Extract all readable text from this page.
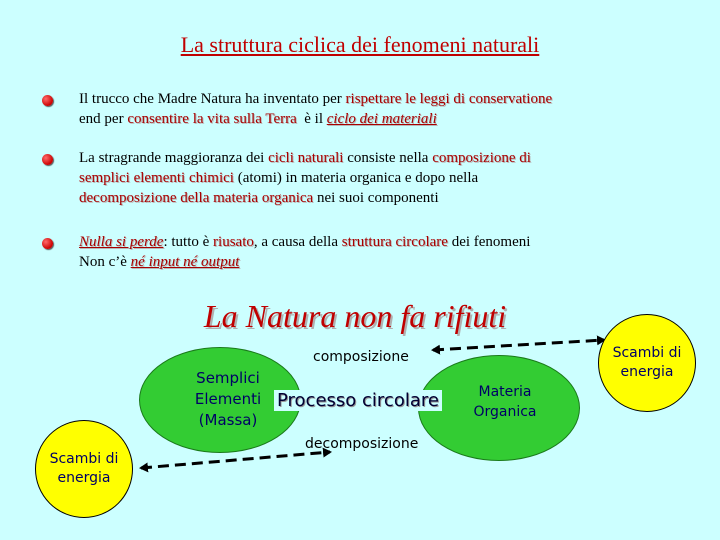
La struttura ciclica dei fenomeni naturali
Il trucco che Madre Natura ha inventato per rispettare le leggi di conservatione
end per consentire la vita sulla Terra  è il ciclo dei materiali
La stragrande maggioranza dei cicli naturali consiste nella composizione di
semplici elementi chimici (atomi) in materia organica e dopo nella
decomposizione della materia organica nei suoi componenti
Nulla si perde: tutto è riusato, a causa della struttura circolare dei fenomeni
Non c’è né input né output
La Natura non fa rifiuti
Semplici
Elementi
(Massa)
Materia
Organica
Processo circolare
composizione
decomposizione
Scambi di
energia
Scambi di
energia
